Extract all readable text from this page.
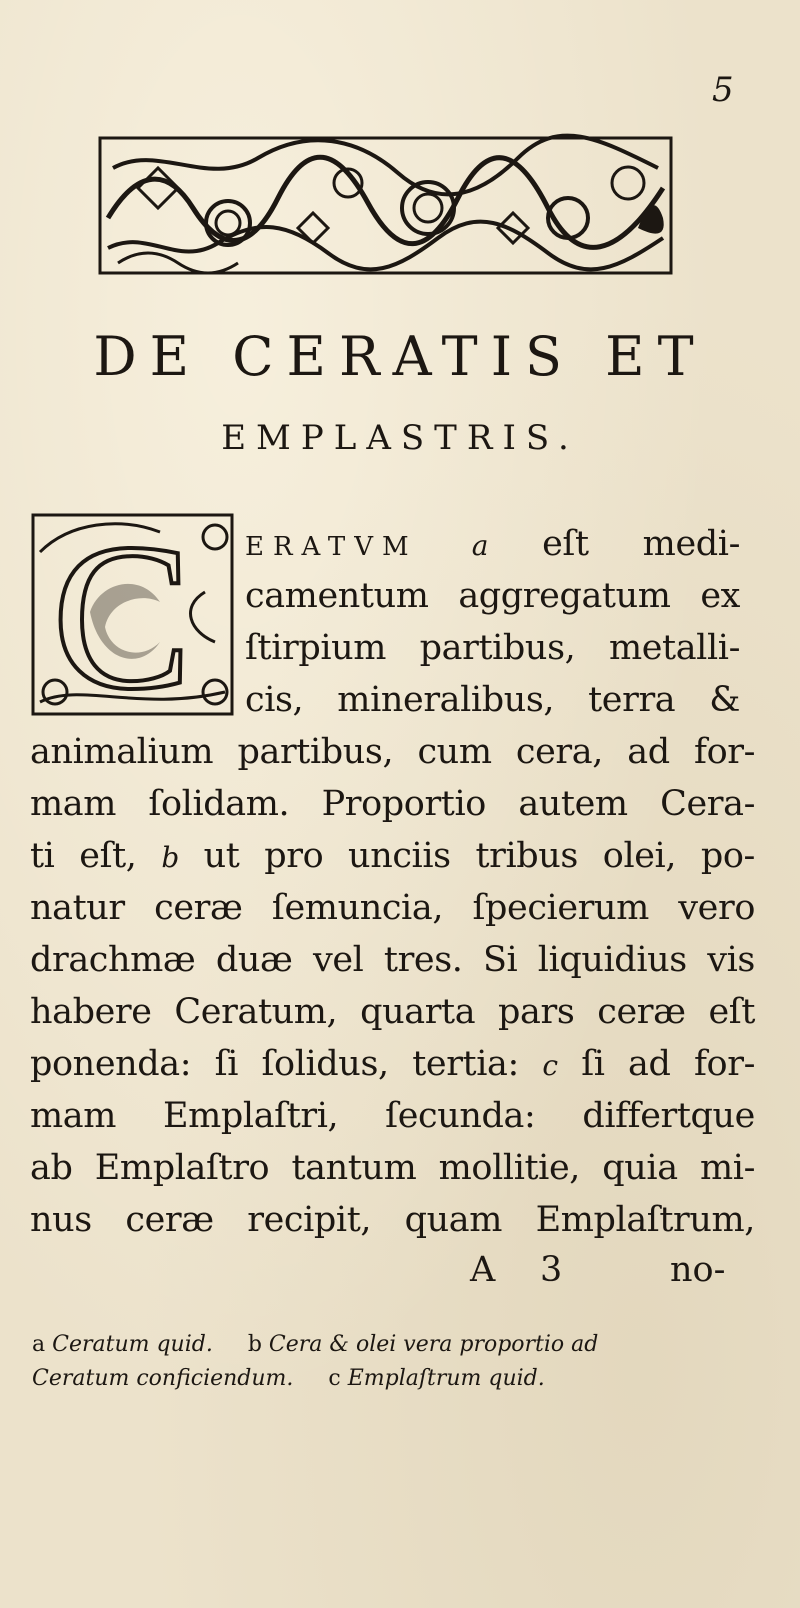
5
DE CERATIS ET
EMPLASTRIS.
C ERATVM a eſt medi-
camentum aggregatum ex
ſtirpium partibus, metalli-
cis, mineralibus, terra &
animalium partibus, cum cera, ad for-
mam ſolidam. Proportio autem Cera-
ti eſt, b ut pro unciis tribus olei, po-
natur ceræ ſemuncia, ſpecierum vero
drachmæ duæ vel tres. Si liquidius vis
habere Ceratum, quarta pars ceræ eſt
ponenda: ſi ſolidus, tertia: c ſi ad for-
mam Emplaſtri, ſecunda: differtque
ab Emplaſtro tantum mollitie, quia mi-
nus ceræ recipit, quam Emplaſtrum,
A 3	no-
a Ceratum quid. b Cera & olei vera proportio ad
Ceratum conficiendum. c Emplaſtrum quid.
